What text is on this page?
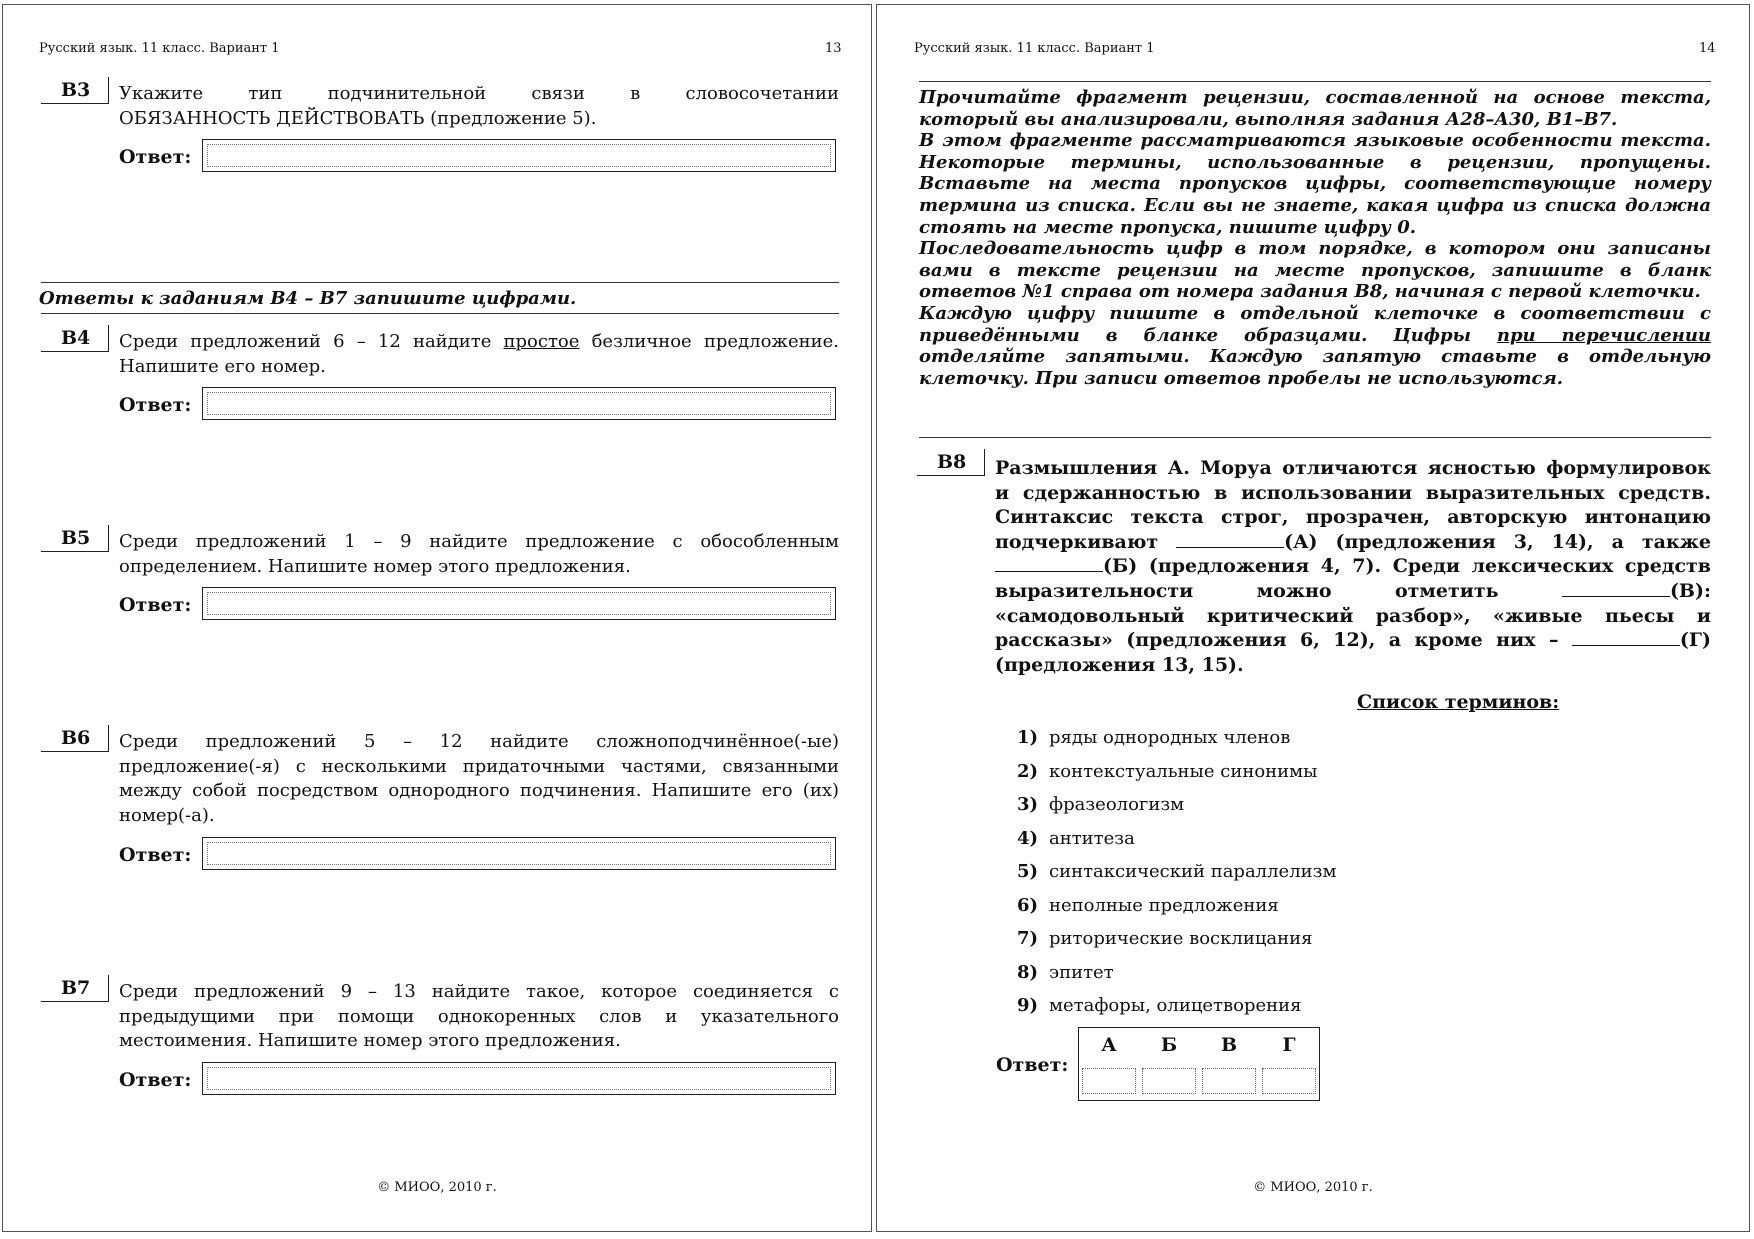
Русский язык. 11 класс. Вариант 1	13
B3 Укажите тип подчинительной связи в словосочетании
ОБЯЗАННОСТЬ ДЕЙСТВОВАТЬ (предложение 5).
Ответ:
Ответы к заданиям В4 – В7 запишите цифрами.
B4 Среди предложений 6 – 12 найдите простое безличное предложение.
Напишите его номер.
Ответ:
B5 Среди предложений 1 – 9 найдите предложение с обособленным
определением. Напишите номер этого предложения.
Ответ:
B6 Среди предложений 5 – 12 найдите сложноподчинённое(-ые)
предложение(-я) с несколькими придаточными частями, связанными
между собой посредством однородного подчинения. Напишите его (их)
номер(-а).
Ответ:
B7 Среди предложений 9 – 13 найдите такое, которое соединяется с
предыдущими при помощи однокоренных слов и указательного
местоимения. Напишите номер этого предложения.
Ответ:
© МИОО, 2010 г.
Русский язык. 11 класс. Вариант 1	14
Прочитайте фрагмент рецензии, составленной на основе текста, который вы анализировали, выполняя задания А28–А30, В1–В7.
В этом фрагменте рассматриваются языковые особенности текста. Некоторые термины, использованные в рецензии, пропущены. Вставьте на места пропусков цифры, соответствующие номеру термина из списка. Если вы не знаете, какая цифра из списка должна стоять на месте пропуска, пишите цифру 0.
Последовательность цифр в том порядке, в котором они записаны вами в тексте рецензии на месте пропусков, запишите в бланк ответов №1 справа от номера задания В8, начиная с первой клеточки.
Каждую цифру пишите в отдельной клеточке в соответствии с приведёнными в бланке образцами. Цифры при перечислении отделяйте запятыми. Каждую запятую ставьте в отдельную клеточку. При записи ответов пробелы не используются.
В8 Размышления А. Моруа отличаются ясностью формулировок и сдержанностью в использовании выразительных средств. Синтаксис текста строг, прозрачен, авторскую интонацию подчеркивают	(А) (предложения 3, 14), а также (Б) (предложения 4, 7). Среди лексических средств выразительности можно отметить	(В): «самодовольный критический разбор», «живые пьесы и рассказы» (предложения 6, 12), а кроме них –	(Г) (предложения 13, 15).
Список терминов:
1) ряды однородных членов
2) контекстуальные синонимы
3) фразеологизм
4) антитеза
5) синтаксический параллелизм
6) неполные предложения
7) риторические восклицания
8) эпитет
9) метафоры, олицетворения
Ответ:
А	Б	В	Г
© МИОО, 2010 г.
